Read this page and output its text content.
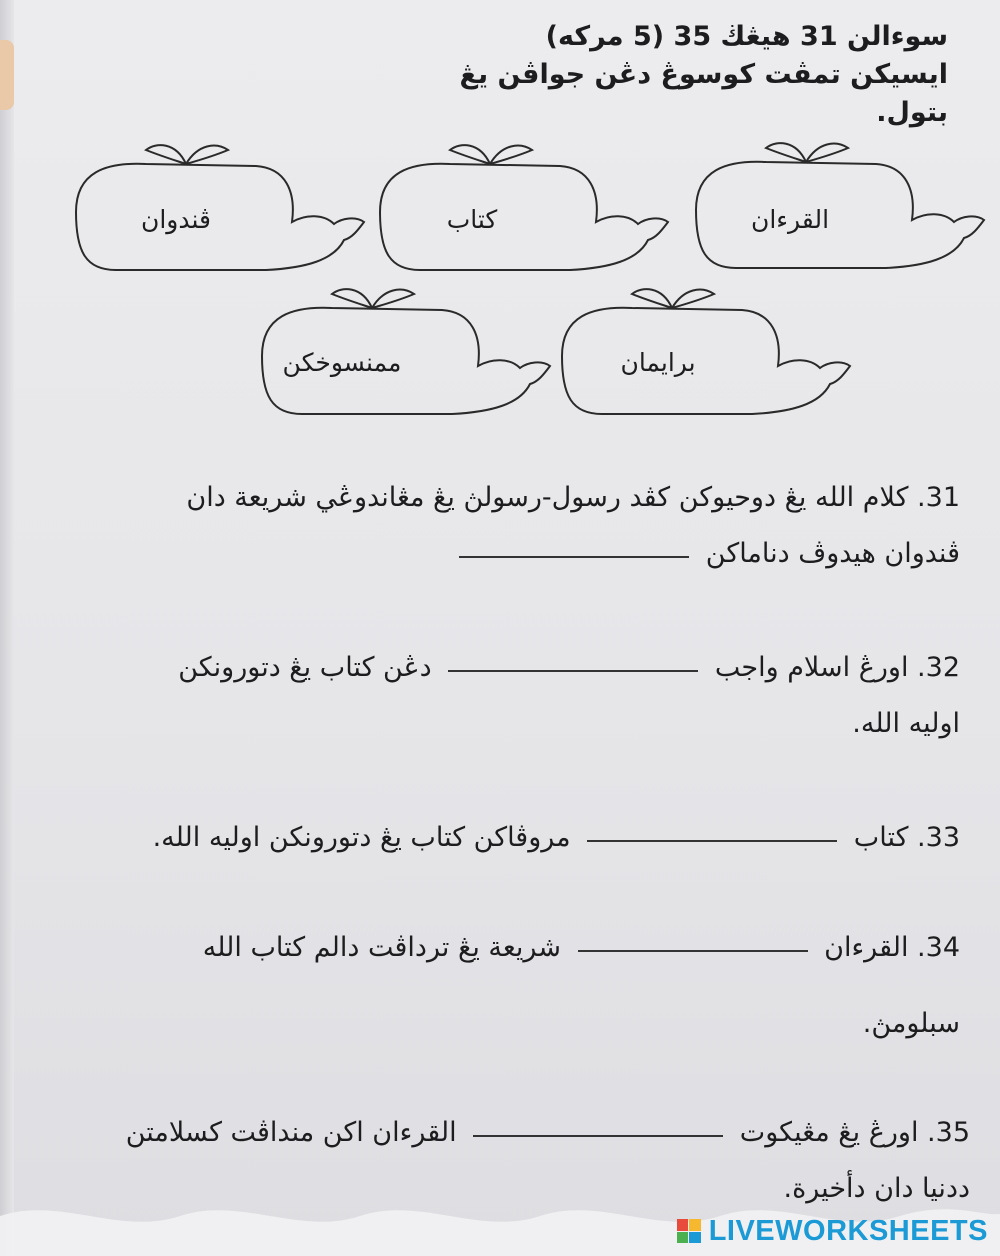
سوءالن 31 هيڠڬ 35 (5 مركه)
ايسيكن تمڤت كوسوڠ دڠن جواڤن يڠ بتول.
ڤندوان	كتاب	القرءان
ممنسوخكن	برايمان
31. كلام الله يڠ دوحيوكن كڤد رسول-رسولڽ يڠ مڠاندوڠي شريعة دان
ڤندوان هيدوڤ دناماكن
32. اورڠ اسلام واجب  دڠن كتاب يڠ دتورونكن
اوليه الله.
33. كتاب  مروڤاكن كتاب يڠ دتورونكن اوليه الله.
34. القرءان  شريعة يڠ ترداڤت دالم كتاب الله
سبلومڽ.
35. اورڠ يڠ مڠيكوت  القرءان اكن منداڤت كسلامتن
ددنيا دان دأخيرة.
LIVEWORKSHEETS
